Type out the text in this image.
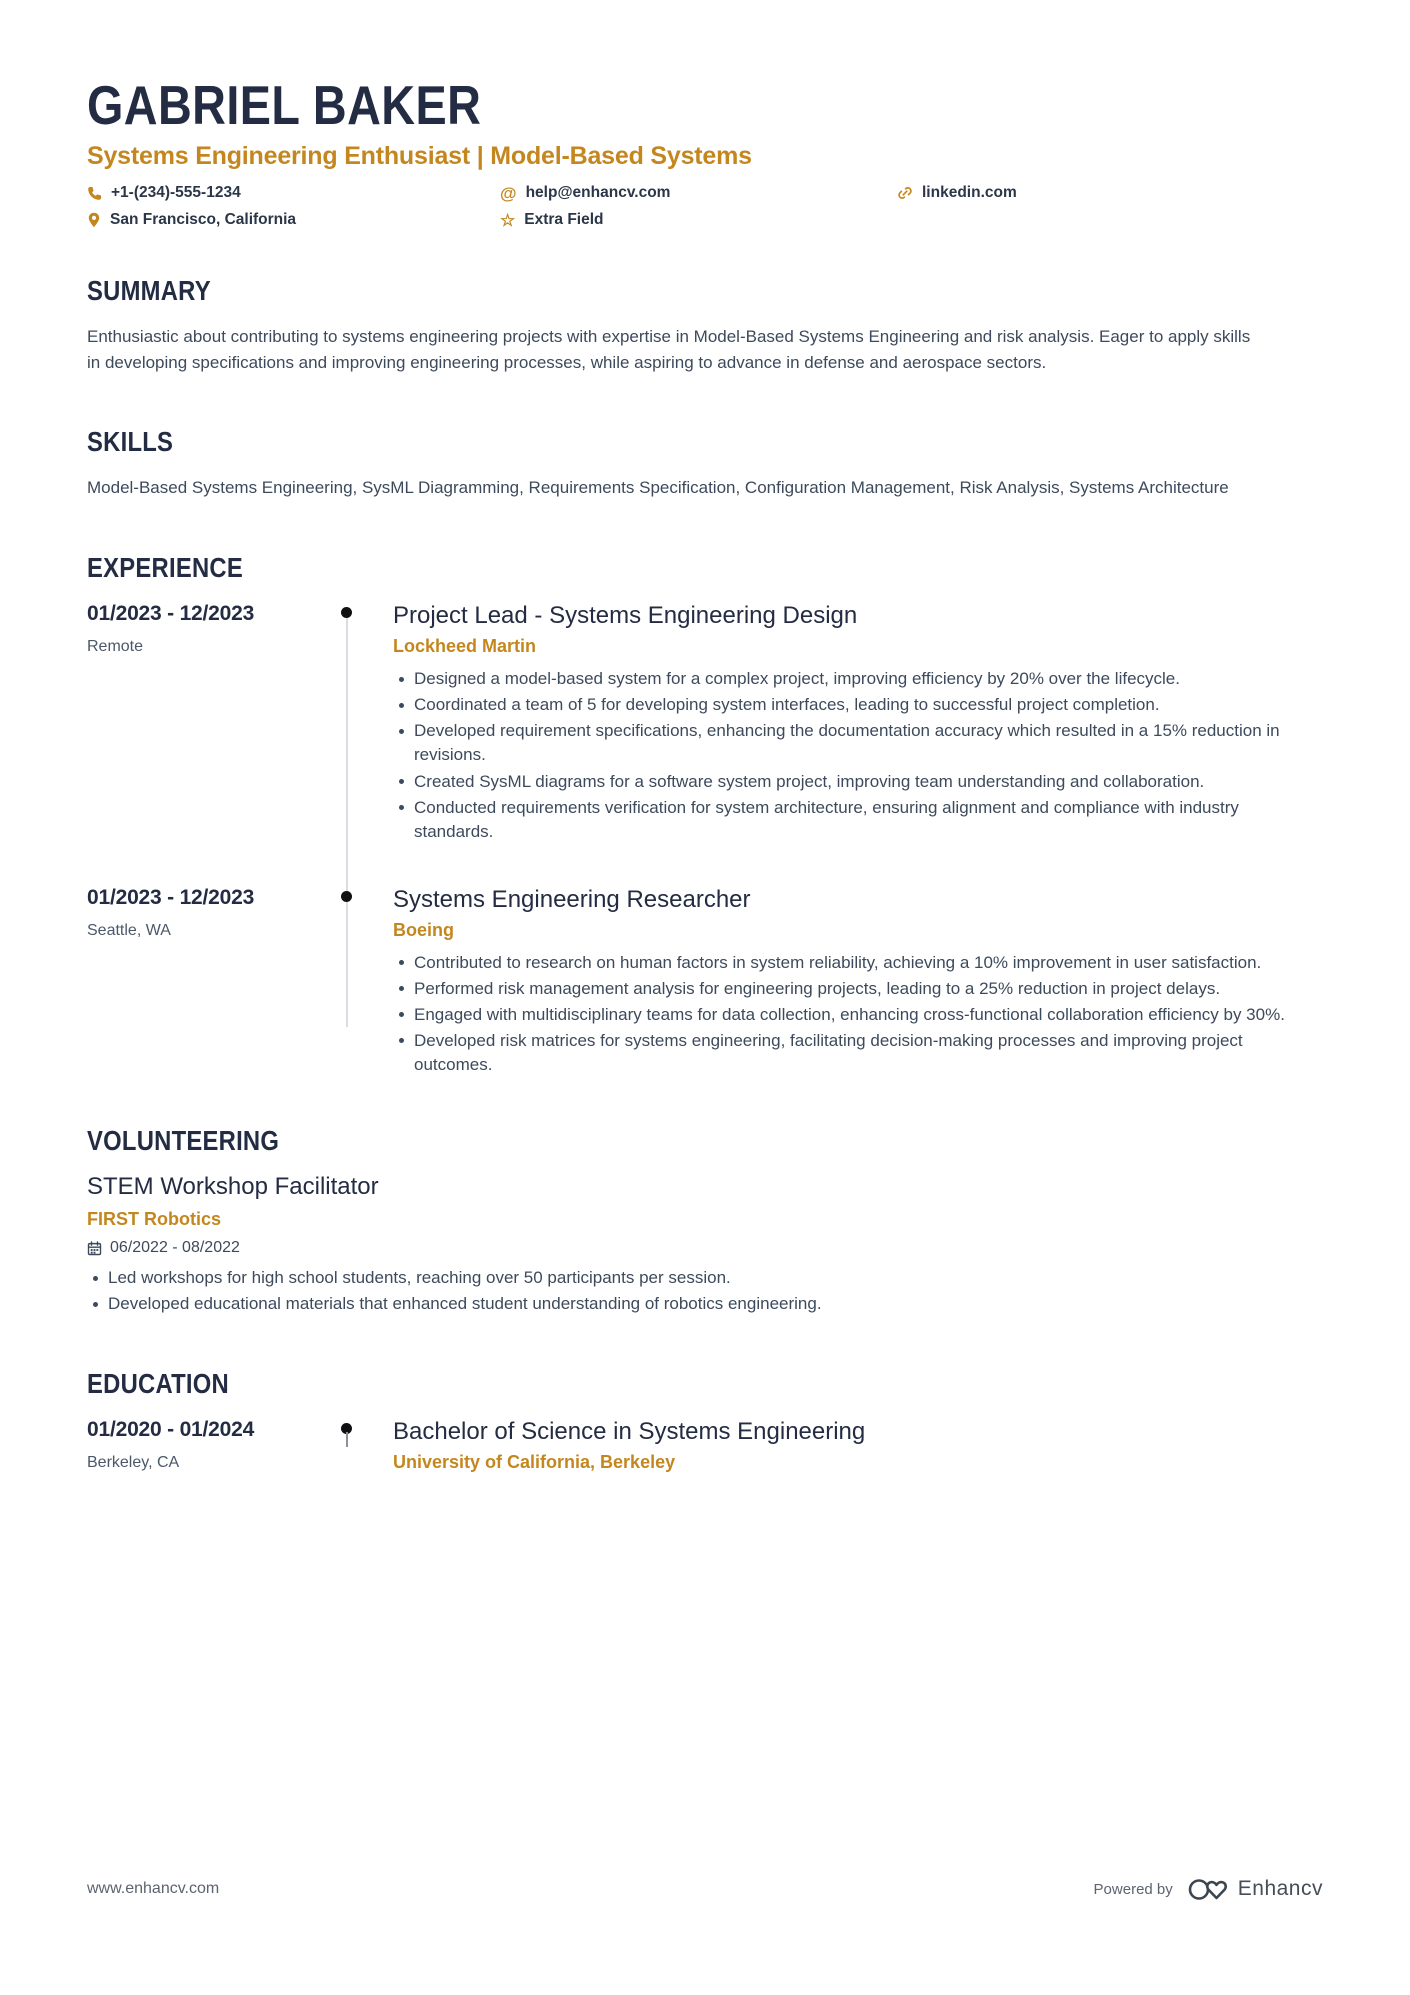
GABRIEL BAKER
Systems Engineering Enthusiast | Model-Based Systems
+1-(234)-555-1234	@ help@enhancv.com	linkedin.com
San Francisco, California	☆ Extra Field
SUMMARY

Enthusiastic about contributing to systems engineering projects with expertise in Model-Based Systems Engineering and risk analysis. Eager to apply skills in developing specifications and improving engineering processes, while aspiring to advance in defense and aerospace sectors.

SKILLS

Model-Based Systems Engineering, SysML Diagramming, Requirements Specification, Configuration Management, Risk Analysis, Systems Architecture

EXPERIENCE
01/2023 - 12/2023
Remote
Project Lead - Systems Engineering Design
Lockheed Martin
Designed a model-based system for a complex project, improving efficiency by 20% over the lifecycle.
Coordinated a team of 5 for developing system interfaces, leading to successful project completion.
Developed requirement specifications, enhancing the documentation accuracy which resulted in a 15% reduction in revisions.
Created SysML diagrams for a software system project, improving team understanding and collaboration.
Conducted requirements verification for system architecture, ensuring alignment and compliance with industry standards.
01/2023 - 12/2023
Seattle, WA
Systems Engineering Researcher
Boeing
Contributed to research on human factors in system reliability, achieving a 10% improvement in user satisfaction.
Performed risk management analysis for engineering projects, leading to a 25% reduction in project delays.
Engaged with multidisciplinary teams for data collection, enhancing cross-functional collaboration efficiency by 30%.
Developed risk matrices for systems engineering, facilitating decision-making processes and improving project outcomes.
VOLUNTEERING
STEM Workshop Facilitator
FIRST Robotics
06/2022 - 08/2022
Led workshops for high school students, reaching over 50 participants per session.
Developed educational materials that enhanced student understanding of robotics engineering.
EDUCATION
01/2020 - 01/2024
Berkeley, CA
Bachelor of Science in Systems Engineering
University of California, Berkeley
www.enhancv.com	Powered by	Enhancv
